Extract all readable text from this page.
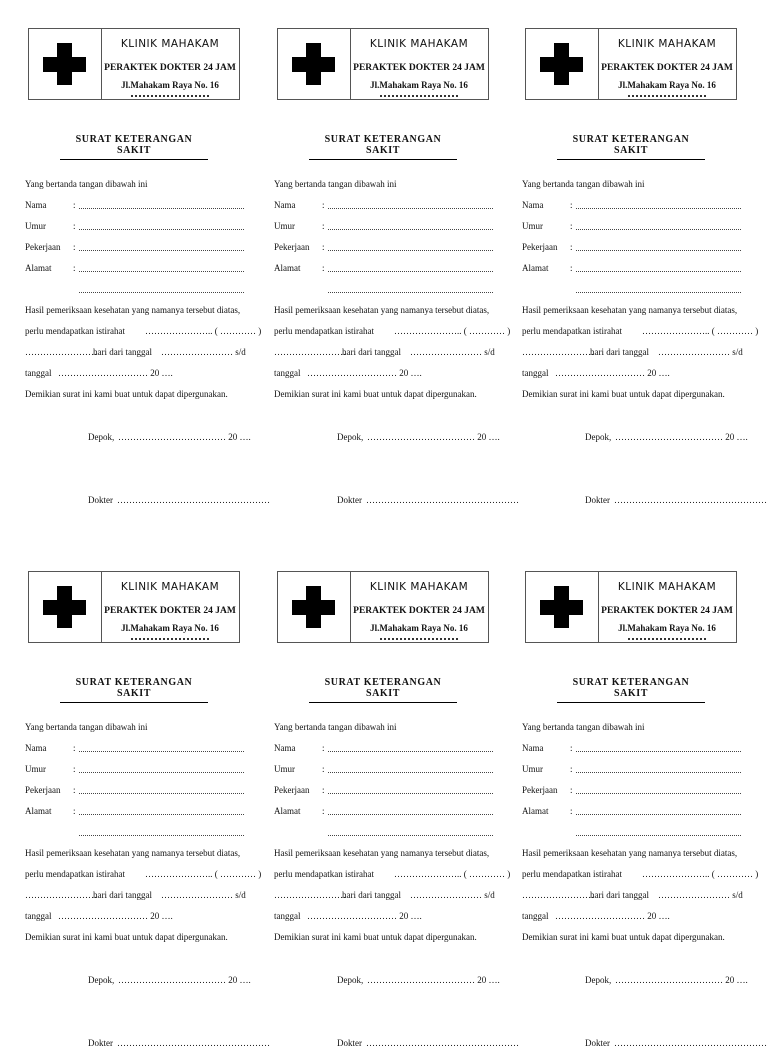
KLINIK MAHAKAM
PERAKTEK DOKTER 24 JAM
Jl.Mahakam Raya No. 16
SURAT KETERANGAN SAKIT
Yang bertanda tangan dibawah ini
Nama	:
Umur	:
Pekerjaan :
Alamat :
Hasil pemeriksaan kesehatan yang namanya tersebut diatas,
perlu mendapatkan istirahat ………………….. ( ………… )
……………………
hari dari tanggal …………………… s/d
tanggal ………………………… 20 ….
Demikian surat ini kami buat untuk dapat dipergunakan.
Depok, ……………………………… 20 ….
Dokter ……………………………………………
KLINIK MAHAKAM
PERAKTEK DOKTER 24 JAM
Jl.Mahakam Raya No. 16
SURAT KETERANGAN SAKIT
Yang bertanda tangan dibawah ini
Nama	:
Umur	:
Pekerjaan :
Alamat :
Hasil pemeriksaan kesehatan yang namanya tersebut diatas,
perlu mendapatkan istirahat ………………….. ( ………… )
……………………
hari dari tanggal …………………… s/d
tanggal ………………………… 20 ….
Demikian surat ini kami buat untuk dapat dipergunakan.
Depok, ……………………………… 20 ….
Dokter ……………………………………………
KLINIK MAHAKAM
PERAKTEK DOKTER 24 JAM
Jl.Mahakam Raya No. 16
SURAT KETERANGAN SAKIT
Yang bertanda tangan dibawah ini
Nama	:
Umur	:
Pekerjaan :
Alamat :
Hasil pemeriksaan kesehatan yang namanya tersebut diatas,
perlu mendapatkan istirahat ………………….. ( ………… )
……………………
hari dari tanggal …………………… s/d
tanggal ………………………… 20 ….
Demikian surat ini kami buat untuk dapat dipergunakan.
Depok, ……………………………… 20 ….
Dokter ……………………………………………
KLINIK MAHAKAM
PERAKTEK DOKTER 24 JAM
Jl.Mahakam Raya No. 16
SURAT KETERANGAN SAKIT
Yang bertanda tangan dibawah ini
Nama	:
Umur	:
Pekerjaan :
Alamat :
Hasil pemeriksaan kesehatan yang namanya tersebut diatas,
perlu mendapatkan istirahat ………………….. ( ………… )
……………………
hari dari tanggal …………………… s/d
tanggal ………………………… 20 ….
Demikian surat ini kami buat untuk dapat dipergunakan.
Depok, ……………………………… 20 ….
Dokter ……………………………………………
KLINIK MAHAKAM
PERAKTEK DOKTER 24 JAM
Jl.Mahakam Raya No. 16
SURAT KETERANGAN SAKIT
Yang bertanda tangan dibawah ini
Nama	:
Umur	:
Pekerjaan :
Alamat :
Hasil pemeriksaan kesehatan yang namanya tersebut diatas,
perlu mendapatkan istirahat ………………….. ( ………… )
……………………
hari dari tanggal …………………… s/d
tanggal ………………………… 20 ….
Demikian surat ini kami buat untuk dapat dipergunakan.
Depok, ……………………………… 20 ….
Dokter ……………………………………………
KLINIK MAHAKAM
PERAKTEK DOKTER 24 JAM
Jl.Mahakam Raya No. 16
SURAT KETERANGAN SAKIT
Yang bertanda tangan dibawah ini
Nama	:
Umur	:
Pekerjaan :
Alamat :
Hasil pemeriksaan kesehatan yang namanya tersebut diatas,
perlu mendapatkan istirahat ………………….. ( ………… )
……………………
hari dari tanggal …………………… s/d
tanggal ………………………… 20 ….
Demikian surat ini kami buat untuk dapat dipergunakan.
Depok, ……………………………… 20 ….
Dokter ……………………………………………
